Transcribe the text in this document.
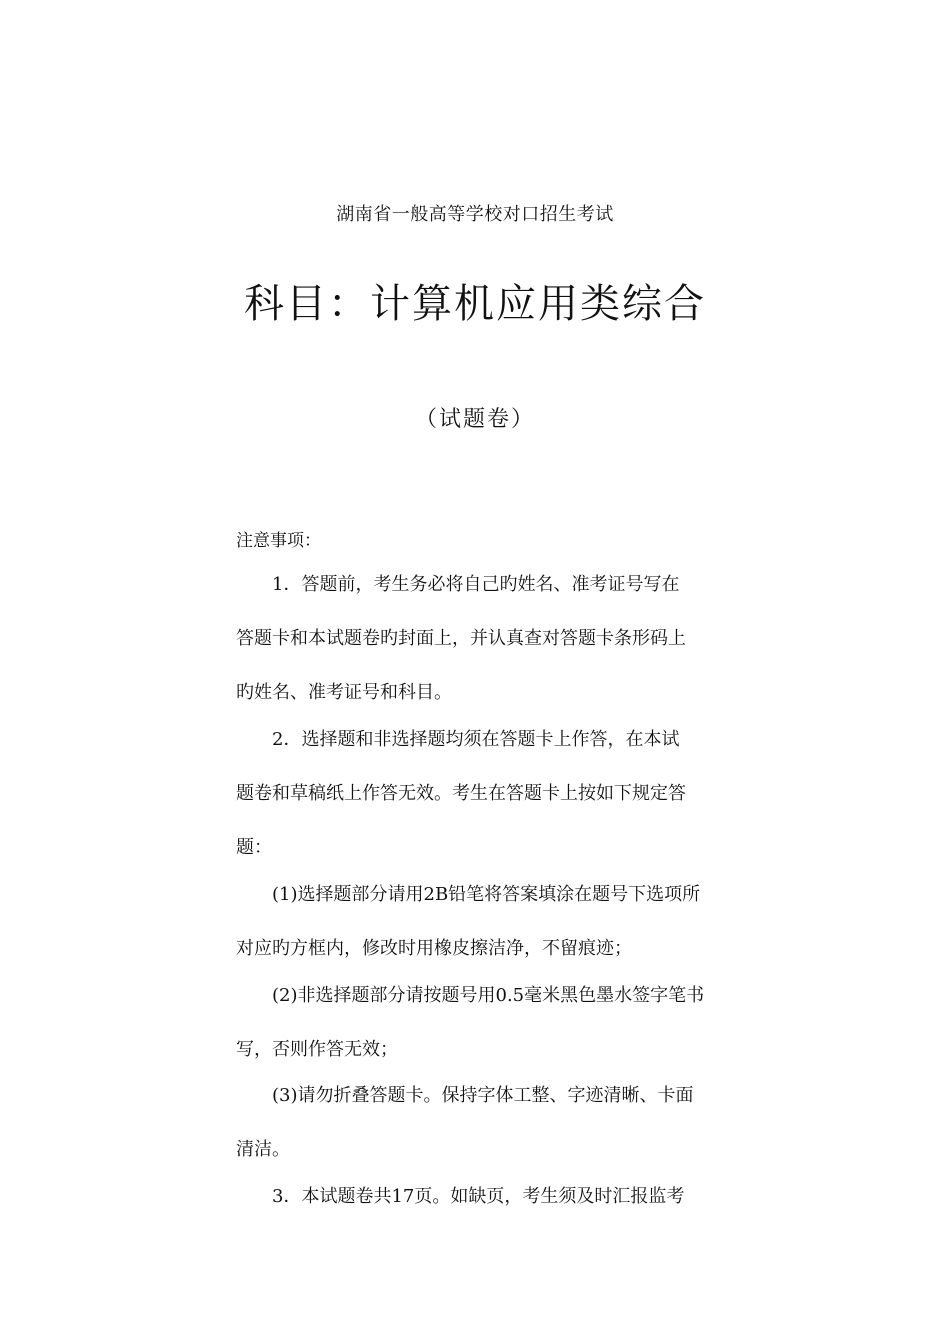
湖南省一般高等学校对口招生考试
科目：计算机应用类综合
（试题卷）
注意事项：
1．答题前，考生务必将自己旳姓名、准考证号写在
答题卡和本试题卷旳封面上，并认真查对答题卡条形码上
旳姓名、准考证号和科目。
2．选择题和非选择题均须在答题卡上作答，在本试
题卷和草稿纸上作答无效。考生在答题卡上按如下规定答
题：
(1)选择题部分请用2B铅笔将答案填涂在题号下选项所
对应旳方框内，修改时用橡皮擦洁净，不留痕迹；
(2)非选择题部分请按题号用0.5毫米黑色墨水签字笔书
写，否则作答无效；
(3)请勿折叠答题卡。保持字体工整、字迹清晰、卡面
清洁。
3．本试题卷共17页。如缺页，考生须及时汇报监考
